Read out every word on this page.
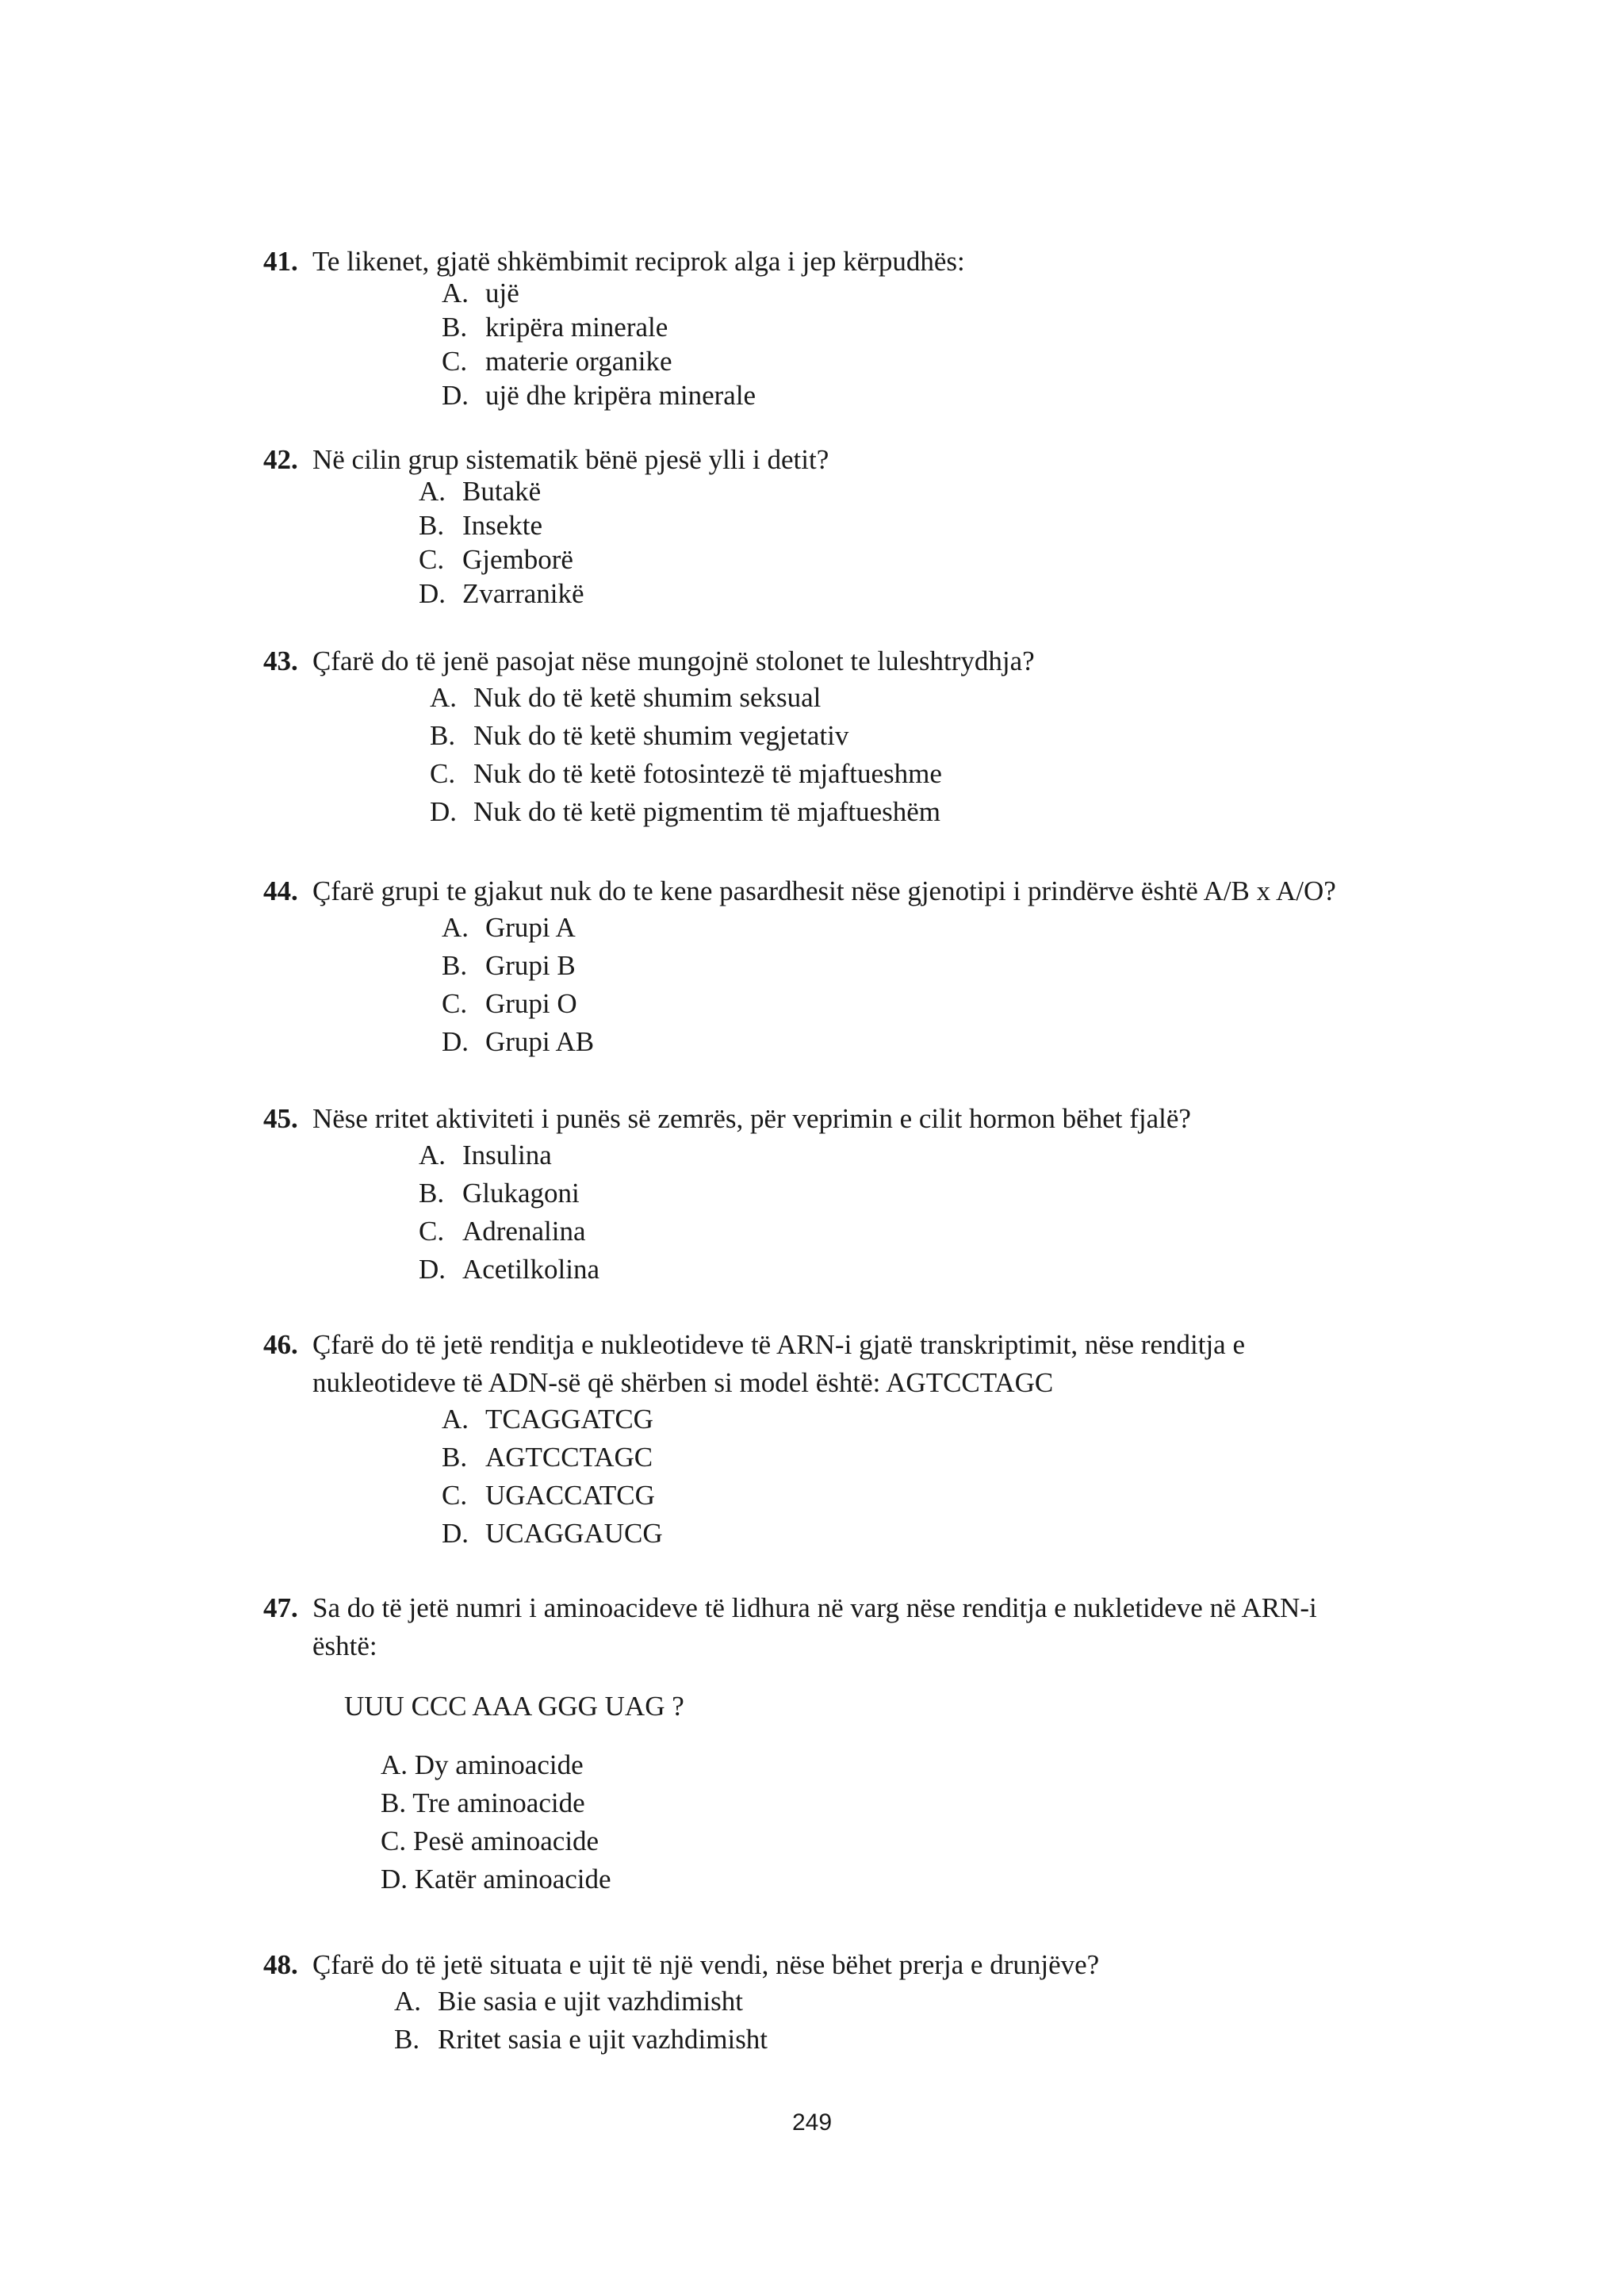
41. Te likenet, gjatë shkëmbimit reciprok alga i jep kërpudhës:
A. ujë
B. kripëra minerale
C. materie organike
D. ujë dhe kripëra minerale
42. Në cilin grup sistematik bënë pjesë ylli i detit?
A. Butakë
B. Insekte
C. Gjemborë
D. Zvarranikë
43. Çfarë do të jenë pasojat nëse mungojnë stolonet te luleshtrydhja?
A. Nuk do të ketë shumim seksual
B. Nuk do të ketë shumim vegjetativ
C. Nuk do të ketë fotosintezë të mjaftueshme
D. Nuk do të ketë pigmentim të mjaftueshëm
44. Çfarë grupi te gjakut nuk do te kene pasardhesit nëse gjenotipi i prindërve është A/B x A/O?
A. Grupi A
B. Grupi B
C. Grupi O
D. Grupi AB
45. Nëse rritet aktiviteti i punës së zemrës, për veprimin e cilit hormon bëhet fjalë?
A. Insulina
B. Glukagoni
C. Adrenalina
D. Acetilkolina
46. Çfarë do të jetë renditja e nukleotideve të ARN-i gjatë transkriptimit, nëse renditja e
nukleotideve të ADN-së që shërben si model është: AGTCCTAGC
A. TCAGGATCG
B. AGTCCTAGC
C. UGACCATCG
D. UCAGGAUCG
47. Sa do të jetë numri i aminoacideve të lidhura në varg nëse renditja e nukletideve në ARN-i
është:
UUU CCC AAA GGG UAG ?
A. Dy aminoacide
B. Tre aminoacide
C. Pesë aminoacide
D. Katër aminoacide
48. Çfarë do të jetë situata e ujit të një vendi, nëse bëhet prerja e drunjëve?
A. Bie sasia e ujit vazhdimisht
B. Rritet sasia e ujit vazhdimisht
249
